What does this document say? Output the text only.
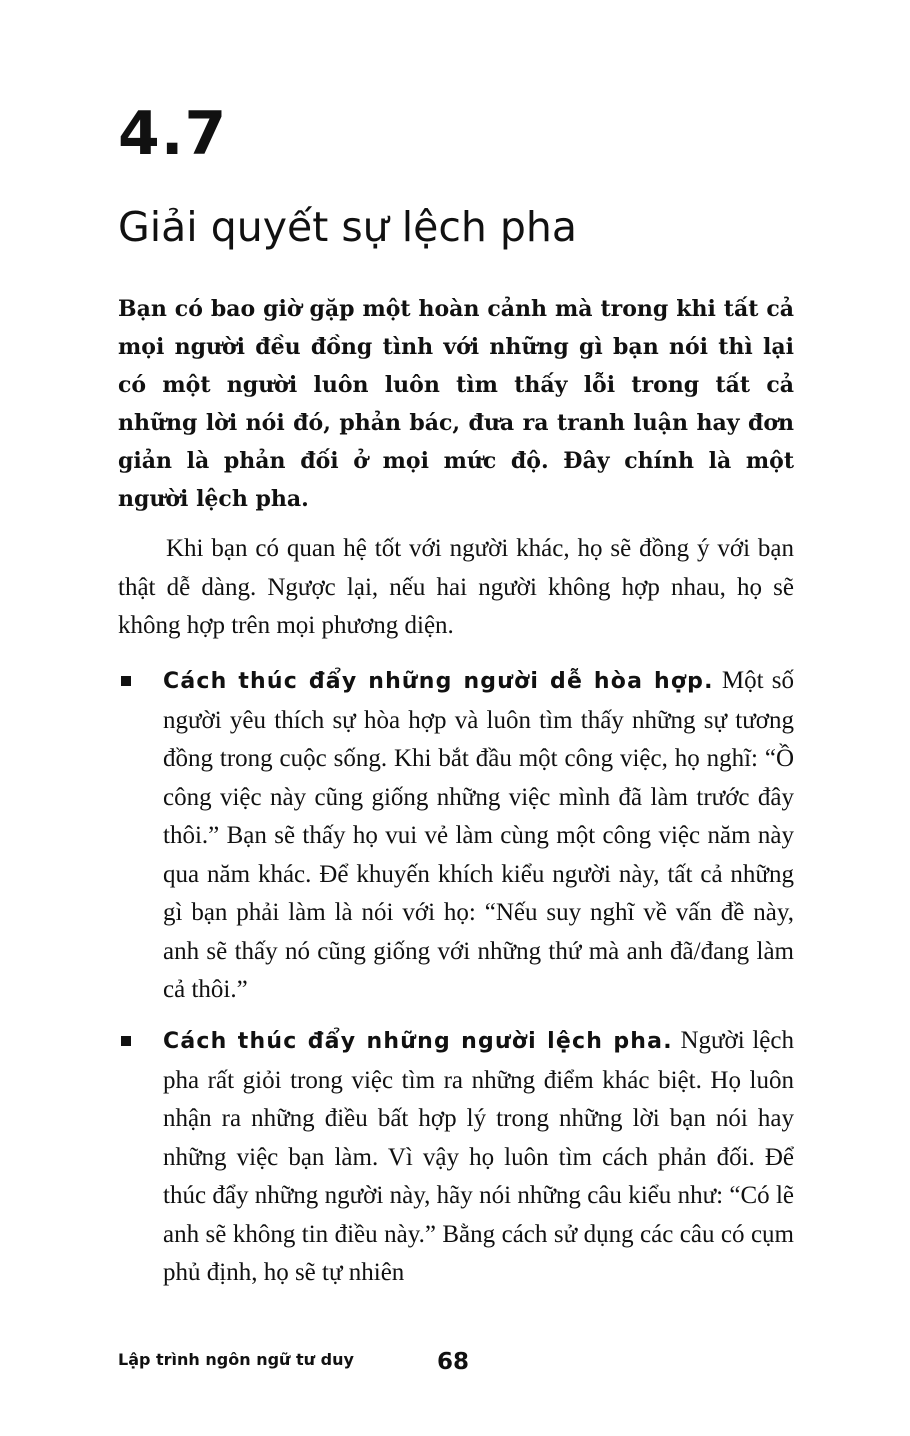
4.7
Giải quyết sự lệch pha

Bạn có bao giờ gặp một hoàn cảnh mà trong khi tất cả mọi người đều đồng tình với những gì bạn nói thì lại có một người luôn luôn tìm thấy lỗi trong tất cả những lời nói đó, phản bác, đưa ra tranh luận hay đơn giản là phản đối ở mọi mức độ. Đây chính là một người lệch pha.

Khi bạn có quan hệ tốt với người khác, họ sẽ đồng ý với bạn thật dễ dàng. Ngược lại, nếu hai người không hợp nhau, họ sẽ không hợp trên mọi phương diện.

Cách thúc đẩy những người dễ hòa hợp. Một số người yêu thích sự hòa hợp và luôn tìm thấy những sự tương đồng trong cuộc sống. Khi bắt đầu một công việc, họ nghĩ: “Ồ công việc này cũng giống những việc mình đã làm trước đây thôi.” Bạn sẽ thấy họ vui vẻ làm cùng một công việc năm này qua năm khác. Để khuyến khích kiểu người này, tất cả những gì bạn phải làm là nói với họ: “Nếu suy nghĩ về vấn đề này, anh sẽ thấy nó cũng giống với những thứ mà anh đã/đang làm cả thôi.”
Cách thúc đẩy những người lệch pha. Người lệch pha rất giỏi trong việc tìm ra những điểm khác biệt. Họ luôn nhận ra những điều bất hợp lý trong những lời bạn nói hay những việc bạn làm. Vì vậy họ luôn tìm cách phản đối. Để thúc đẩy những người này, hãy nói những câu kiểu như: “Có lẽ anh sẽ không tin điều này.” Bằng cách sử dụng các câu có cụm phủ định, họ sẽ tự nhiên
Lập trình ngôn ngữ tư duy	68
